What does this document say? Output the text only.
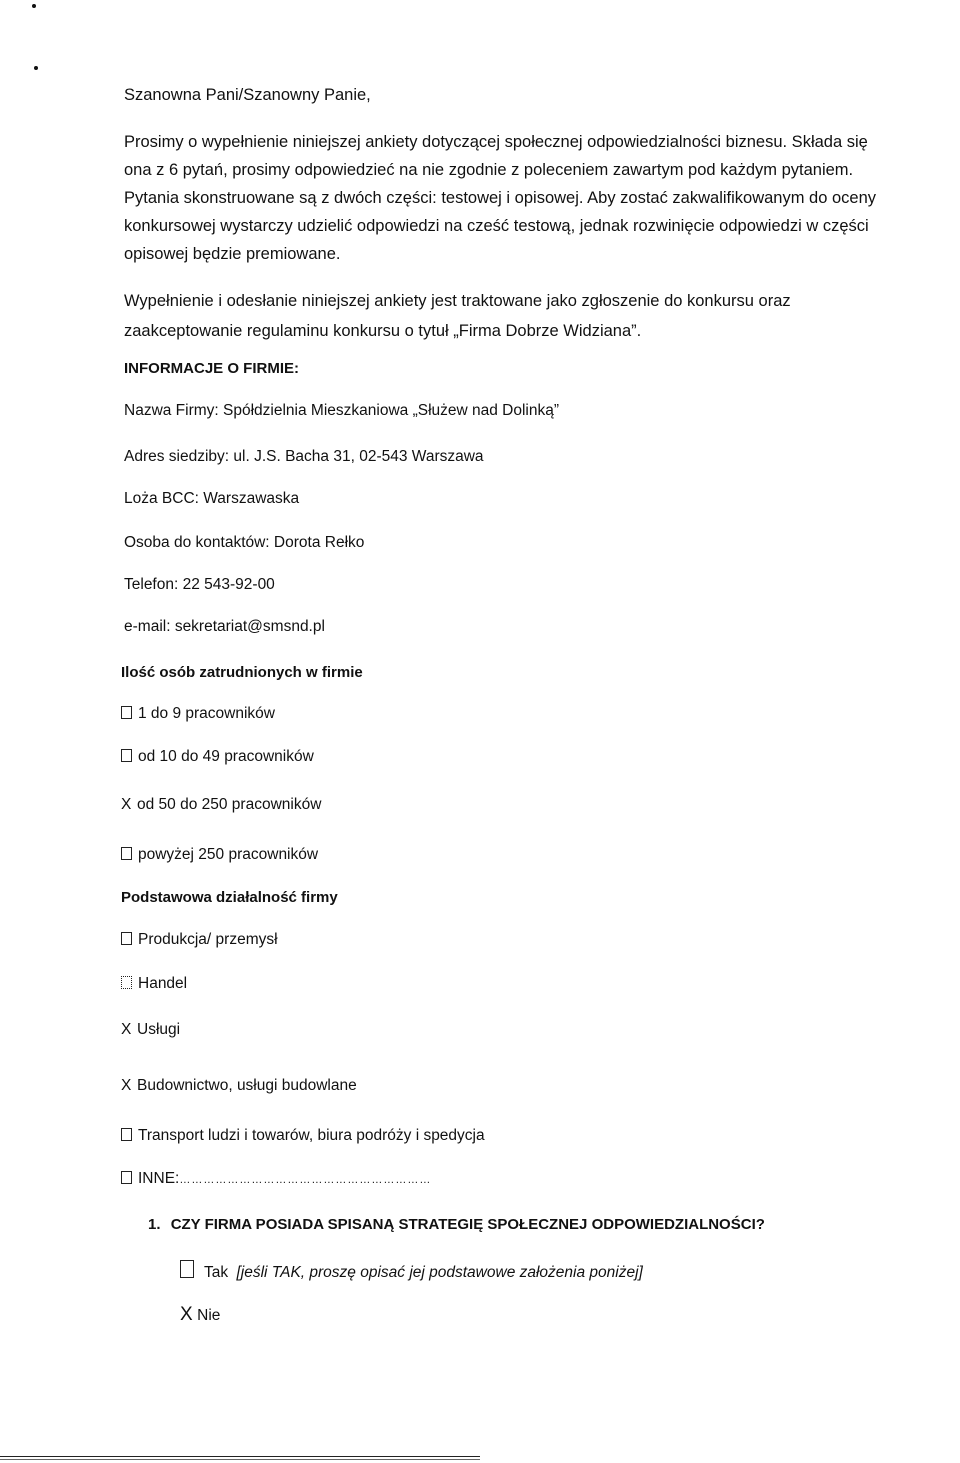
Szanowna Pani/Szanowny Panie,
Prosimy o wypełnienie niniejszej ankiety dotyczącej społecznej odpowiedzialności biznesu. Składa się
ona z 6 pytań, prosimy odpowiedzieć na nie zgodnie z poleceniem zawartym pod każdym pytaniem.
Pytania skonstruowane są z dwóch części: testowej i opisowej. Aby zostać zakwalifikowanym do oceny
konkursowej wystarczy udzielić odpowiedzi na cześć testową, jednak rozwinięcie odpowiedzi w części
opisowej będzie premiowane.
Wypełnienie i odesłanie niniejszej ankiety jest traktowane jako zgłoszenie do konkursu oraz
zaakceptowanie regulaminu konkursu o tytuł „Firma Dobrze Widziana”.
INFORMACJE O FIRMIE:
Nazwa Firmy: Spółdzielnia Mieszkaniowa „Służew nad Dolinką”
Adres siedziby: ul. J.S. Bacha 31, 02-543 Warszawa
Loża BCC: Warszawaska
Osoba do kontaktów: Dorota Rełko
Telefon: 22 543-92-00
e-mail: sekretariat@smsnd.pl
Ilość osób zatrudnionych w firmie
1 do 9 pracowników
od 10 do 49 pracowników
X od 50 do 250 pracowników
powyżej 250 pracowników
Podstawowa działalność firmy
Produkcja/ przemysł
Handel
X Usługi
X Budownictwo, usługi budowlane
Transport ludzi i towarów, biura podróży i spedycja
INNE:………………………………………………………
1. CZY FIRMA POSIADA SPISANĄ STRATEGIĘ SPOŁECZNEJ ODPOWIEDZIALNOŚCI?
Tak [jeśli TAK, proszę opisać jej podstawowe założenia poniżej]
X Nie
